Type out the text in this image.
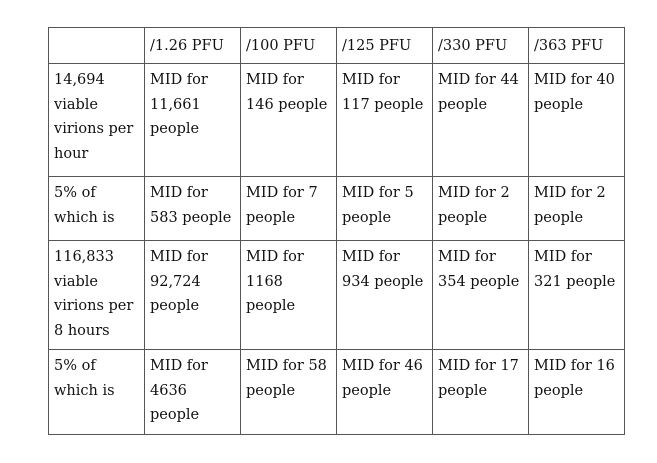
	/1.26 PFU	/100 PFU	/125 PFU	/330 PFU	/363 PFU
14,694 viable virions per hour	MID for 11,661 people	MID for 146 people	MID for 117 people	MID for 44 people	MID for 40 people
5% of which is	MID for 583 people	MID for 7 people	MID for 5 people	MID for 2 people	MID for 2 people
116,833 viable virions per 8 hours	MID for 92,724 people	MID for 1168 people	MID for 934 people	MID for 354 people	MID for 321 people
5% of which is	MID for 4636 people	MID for 58 people	MID for 46 people	MID for 17 people	MID for 16 people
